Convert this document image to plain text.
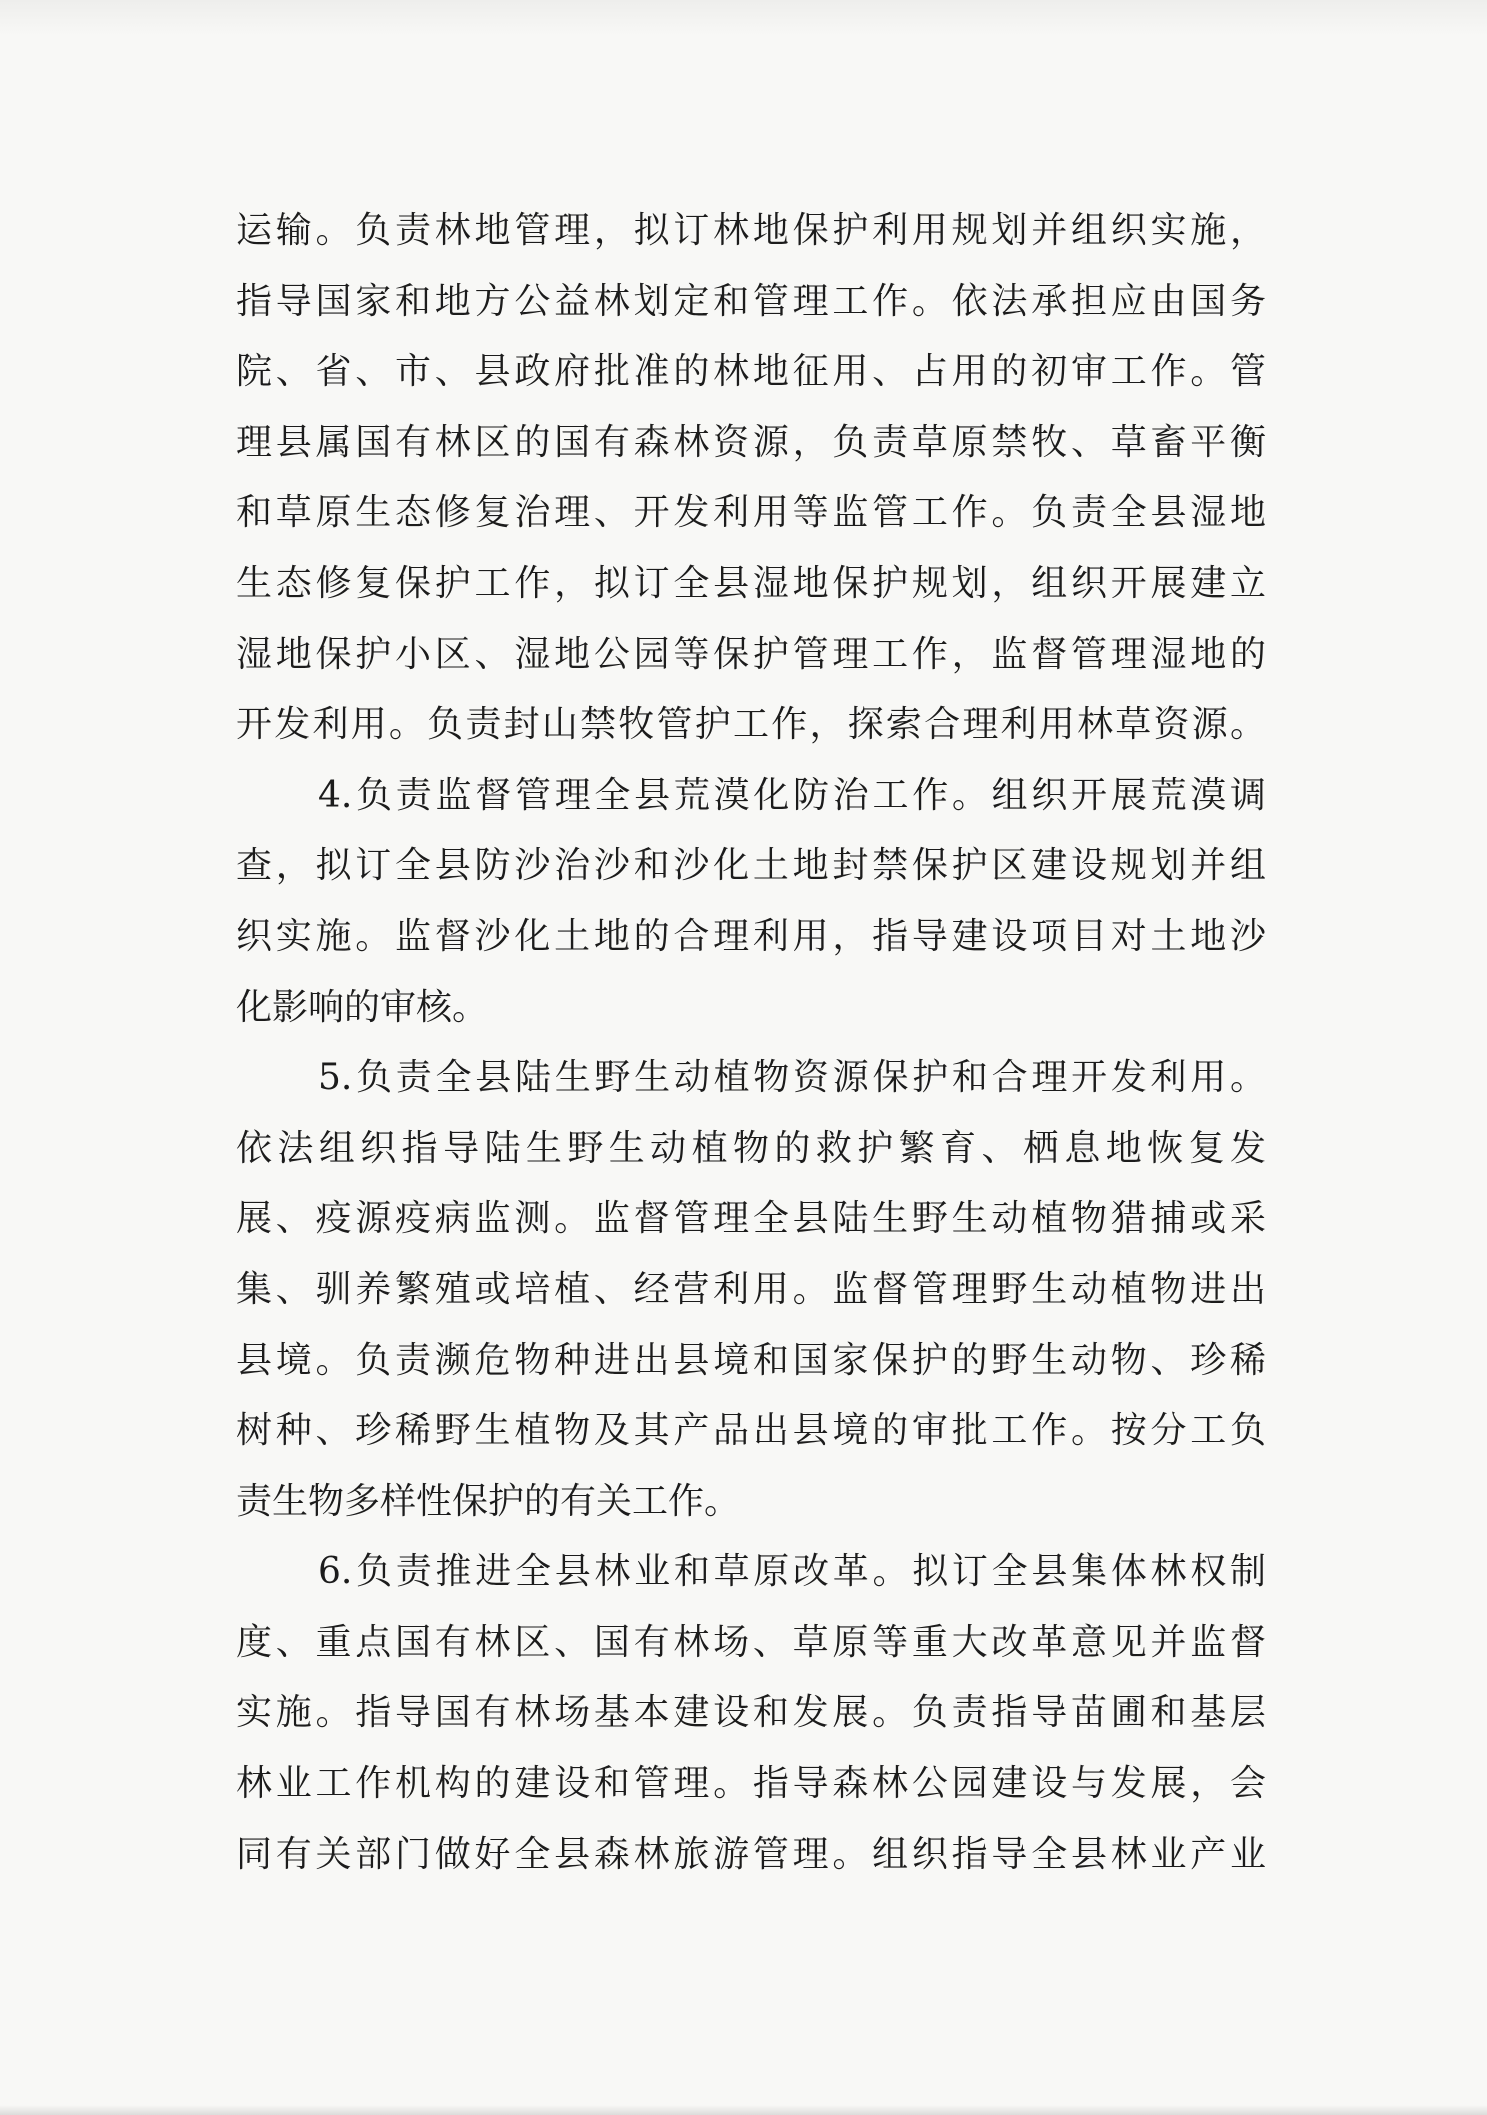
运输。负责林地管理，拟订林地保护利用规划并组织实施，
指导国家和地方公益林划定和管理工作。依法承担应由国务
院、省、市、县政府批准的林地征用、占用的初审工作。管
理县属国有林区的国有森林资源，负责草原禁牧、草畜平衡
和草原生态修复治理、开发利用等监管工作。负责全县湿地
生态修复保护工作，拟订全县湿地保护规划，组织开展建立
湿地保护小区、湿地公园等保护管理工作，监督管理湿地的
开发利用。负责封山禁牧管护工作，探索合理利用林草资源。
4.负责监督管理全县荒漠化防治工作。组织开展荒漠调
查，拟订全县防沙治沙和沙化土地封禁保护区建设规划并组
织实施。监督沙化土地的合理利用，指导建设项目对土地沙
化影响的审核。
5.负责全县陆生野生动植物资源保护和合理开发利用。
依法组织指导陆生野生动植物的救护繁育、栖息地恢复发
展、疫源疫病监测。监督管理全县陆生野生动植物猎捕或采
集、驯养繁殖或培植、经营利用。监督管理野生动植物进出
县境。负责濒危物种进出县境和国家保护的野生动物、珍稀
树种、珍稀野生植物及其产品出县境的审批工作。按分工负
责生物多样性保护的有关工作。
6.负责推进全县林业和草原改革。拟订全县集体林权制
度、重点国有林区、国有林场、草原等重大改革意见并监督
实施。指导国有林场基本建设和发展。负责指导苗圃和基层
林业工作机构的建设和管理。指导森林公园建设与发展，会
同有关部门做好全县森林旅游管理。组织指导全县林业产业
